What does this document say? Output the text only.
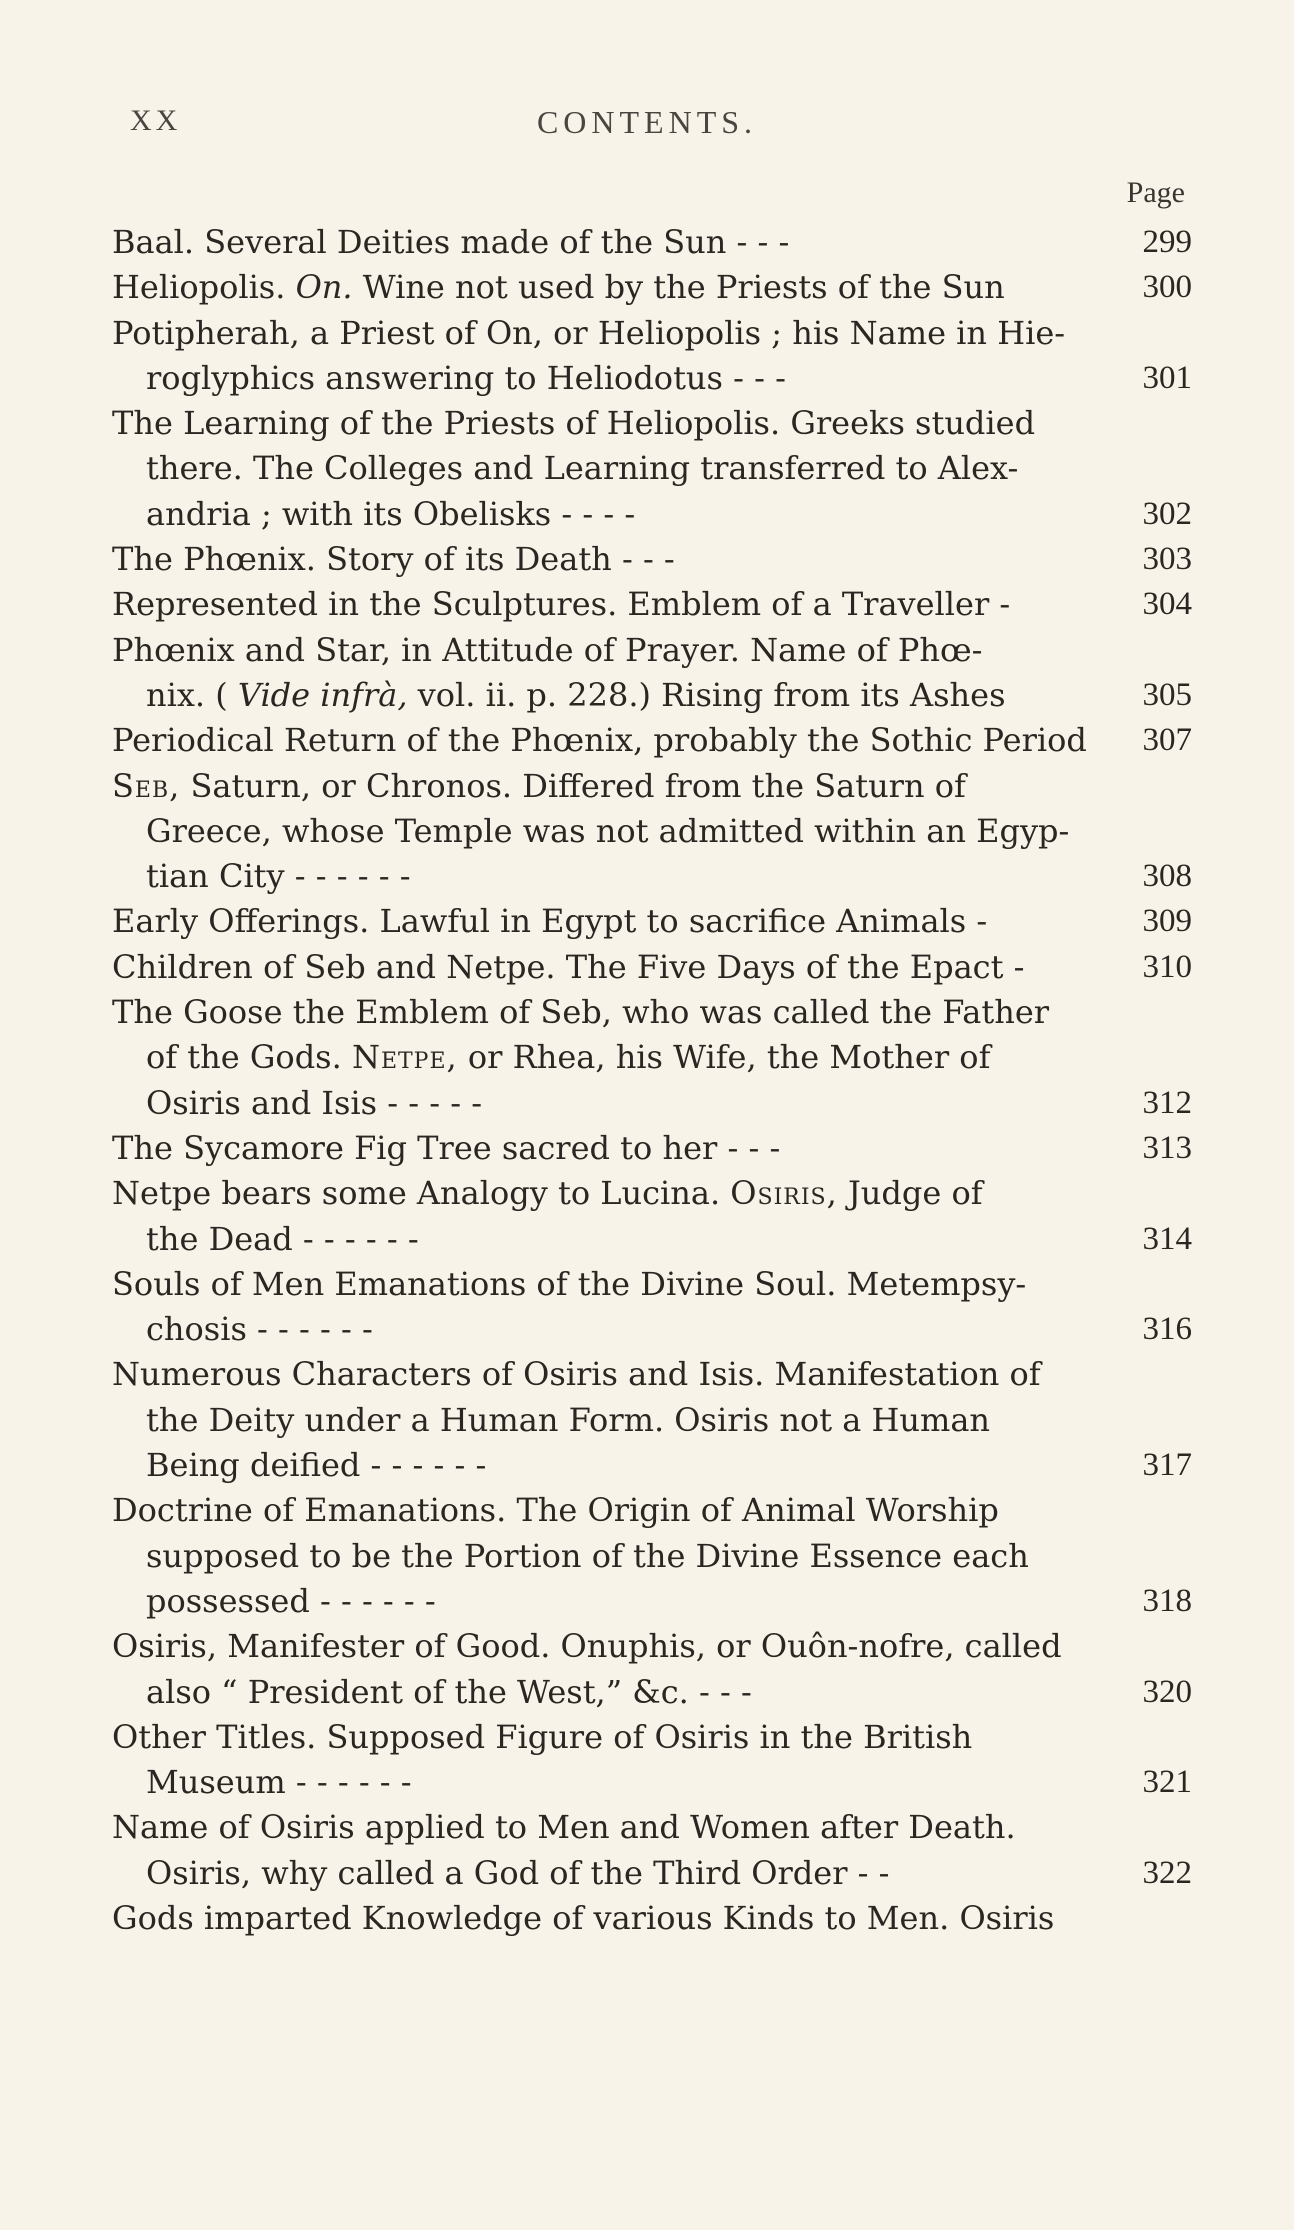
XX	CONTENTS.
Page
Baal. Several Deities made of the Sun - - -	299
Heliopolis. On. Wine not used by the Priests of the Sun	300
Potipherah, a Priest of On, or Heliopolis ; his Name in Hie-
roglyphics answering to Heliodotus - - -	301
The Learning of the Priests of Heliopolis. Greeks studied
there. The Colleges and Learning transferred to Alex-
andria ; with its Obelisks - - - -	302
The Phœnix. Story of its Death - - -	303
Represented in the Sculptures. Emblem of a Traveller -	304
Phœnix and Star, in Attitude of Prayer. Name of Phœ-
nix. ( Vide infrà, vol. ii. p. 228.) Rising from its Ashes	305
Periodical Return of the Phœnix, probably the Sothic Period 307
Seb, Saturn, or Chronos. Differed from the Saturn of
Greece, whose Temple was not admitted within an Egyp-
tian City - - - - - -	308
Early Offerings. Lawful in Egypt to sacrifice Animals -	309
Children of Seb and Netpe. The Five Days of the Epact -	310
The Goose the Emblem of Seb, who was called the Father
of the Gods. Netpe, or Rhea, his Wife, the Mother of
Osiris and Isis - - - - -	312
The Sycamore Fig Tree sacred to her - - -	313
Netpe bears some Analogy to Lucina. Osiris, Judge of
the Dead - - - - - -	314
Souls of Men Emanations of the Divine Soul. Metempsy-
chosis - - - - - -	316
Numerous Characters of Osiris and Isis. Manifestation of
the Deity under a Human Form. Osiris not a Human
Being deified - - - - - -	317
Doctrine of Emanations. The Origin of Animal Worship
supposed to be the Portion of the Divine Essence each
possessed - - - - - -	318
Osiris, Manifester of Good. Onuphis, or Ouôn-nofre, called
also “ President of the West,” &c. - - -	320
Other Titles. Supposed Figure of Osiris in the British
Museum - - - - - -	321
Name of Osiris applied to Men and Women after Death.
Osiris, why called a God of the Third Order - -	322
Gods imparted Knowledge of various Kinds to Men. Osiris
